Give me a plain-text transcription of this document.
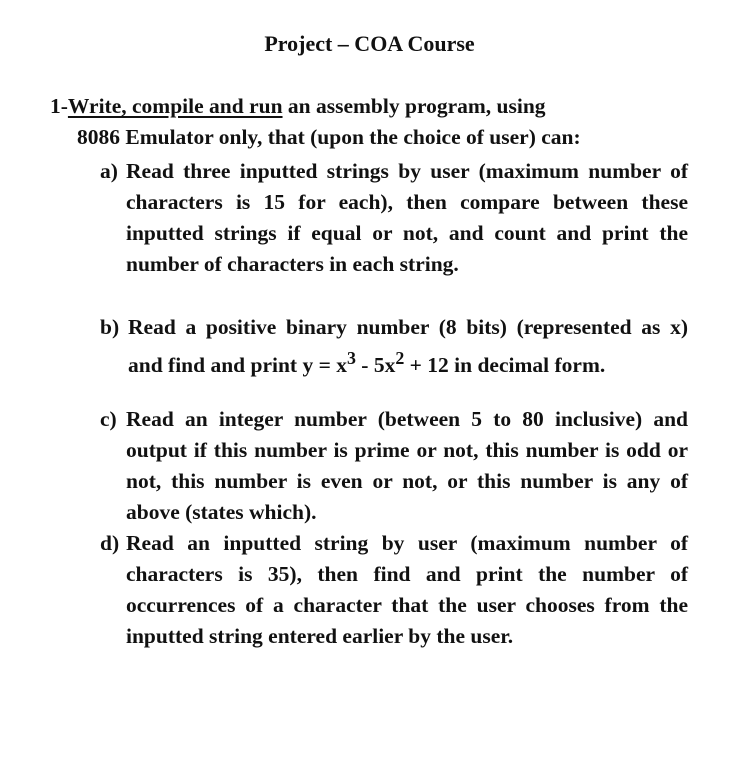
Project – COA Course
1-Write, compile and run an assembly program, using
8086 Emulator only, that (upon the choice of user) can:
a) Read three inputted strings by user (maximum number of characters is 15 for each), then compare between these inputted strings if equal or not, and count and print the number of characters in each string.
b) Read a positive binary number (8 bits) (represented as x) and find and print $y = x^3 - 5x^2 + 12$ in decimal form.
c) Read an integer number (between 5 to 80 inclusive) and output if this number is prime or not, this number is odd or not, this number is even or not, or this number is any of above (states which).
d) Read an inputted string by user (maximum number of characters is 35), then find and print the number of occurrences of a character that the user chooses from the inputted string entered earlier by the user.
